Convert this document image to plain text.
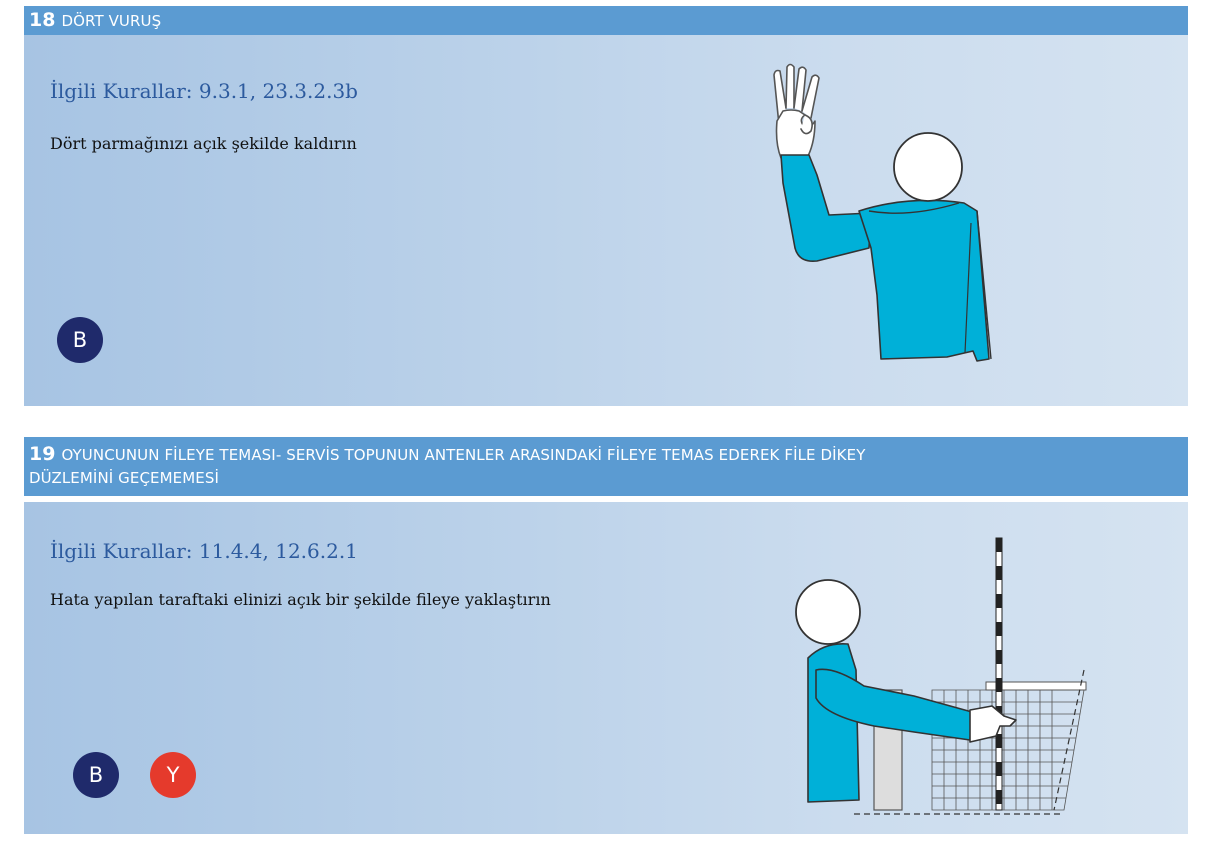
18 DÖRT VURUŞ

İlgili Kurallar: 9.3.1, 23.3.2.3b

Dört parmağınızı açık şekilde kaldırın

B
19 OYUNCUNUN FİLEYE TEMASI- SERVİS TOPUNUN ANTENLER ARASINDAKİ FİLEYE TEMAS EDEREK FİLE DİKEY
DÜZLEMİNİ GEÇEMEMESİ

İlgili Kurallar: 11.4.4, 12.6.2.1

Hata yapılan taraftaki elinizi açık bir şekilde fileye yaklaştırın

B	Y
